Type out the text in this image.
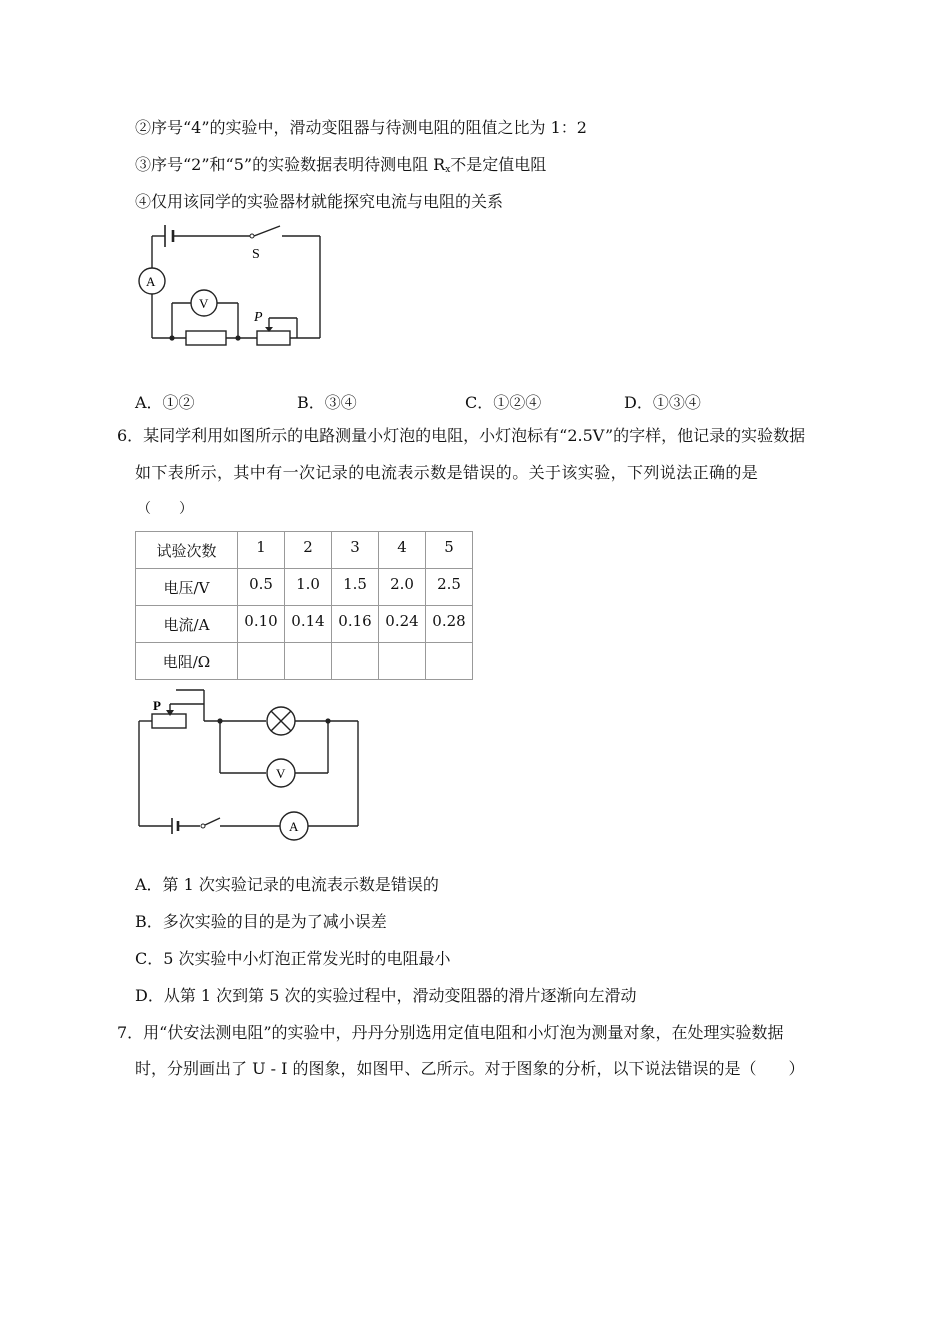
②序号“4”的实验中，滑动变阻器与待测电阻的阻值之比为 1：2
③序号“2”和“5”的实验数据表明待测电阻 $R_x$不是定值电阻
④仅用该同学的实验器材就能探究电流与电阻的关系
S
A
V
P
A．①②	B．③④	C．①②④	D．①③④
6．某同学利用如图所示的电路测量小灯泡的电阻，小灯泡标有“2.5V”的字样，他记录的实验数据
如下表所示，其中有一次记录的电流表示数是错误的。关于该实验，下列说法正确的是
（　　）
试验次数	1	2	3	4	5
电压/V	0.5	1.0	1.5	2.0	2.5
电流/A	0.10	0.14	0.16	0.24	0.28
电阻/Ω					
P
V
A
A．第 1 次实验记录的电流表示数是错误的
B．多次实验的目的是为了减小误差
C．5 次实验中小灯泡正常发光时的电阻最小
D．从第 1 次到第 5 次的实验过程中，滑动变阻器的滑片逐渐向左滑动
7．用“伏安法测电阻”的实验中，丹丹分别选用定值电阻和小灯泡为测量对象，在处理实验数据
时，分别画出了 U - I 的图象，如图甲、乙所示。对于图象的分析，以下说法错误的是（　　）
